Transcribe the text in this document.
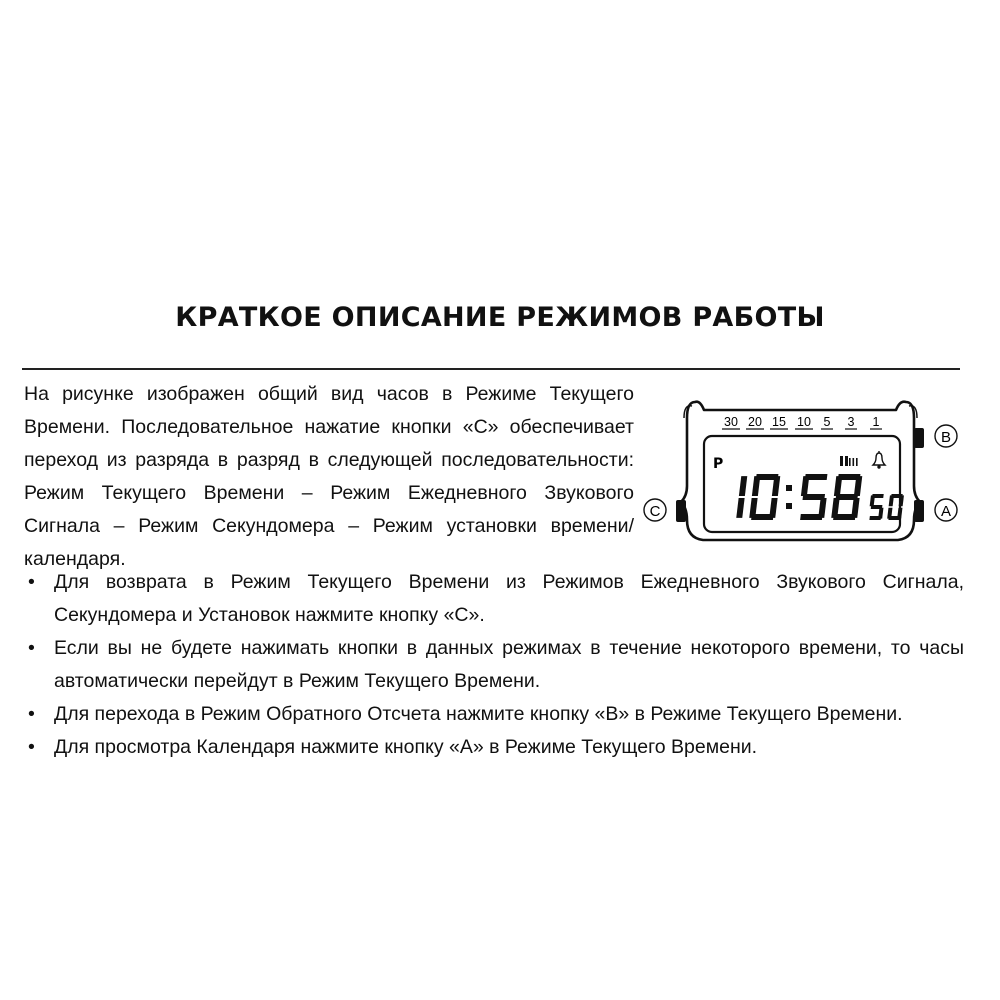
КРАТКОЕ ОПИСАНИЕ РЕЖИМОВ РАБОТЫ
На рисунке изображен общий вид часов в Режиме Текущего
Времени. Последовательное нажатие кнопки «С» обеспечивает
переход из разряда в разряд в следующей последовательности:
Режим Текущего Времени – Режим Ежедневного Звукового
Сигнала – Режим Секундомера – Режим установки времени/
календаря.
• Для возврата в Режим Текущего Времени из Режимов Ежедневного Звукового Сигнала,
Секундомера и Установок нажмите кнопку «С».
• Если вы не будете нажимать кнопки в данных режимах в течение некоторого времени, то часы
автоматически перейдут в Режим Текущего Времени.
• Для перехода в Режим Обратного Отсчета нажмите кнопку «В» в Режиме Текущего Времени.
• Для просмотра Календаря нажмите кнопку «А» в Режиме Текущего Времени.
C
B
A
30 20 15 10 5 3 1
P
